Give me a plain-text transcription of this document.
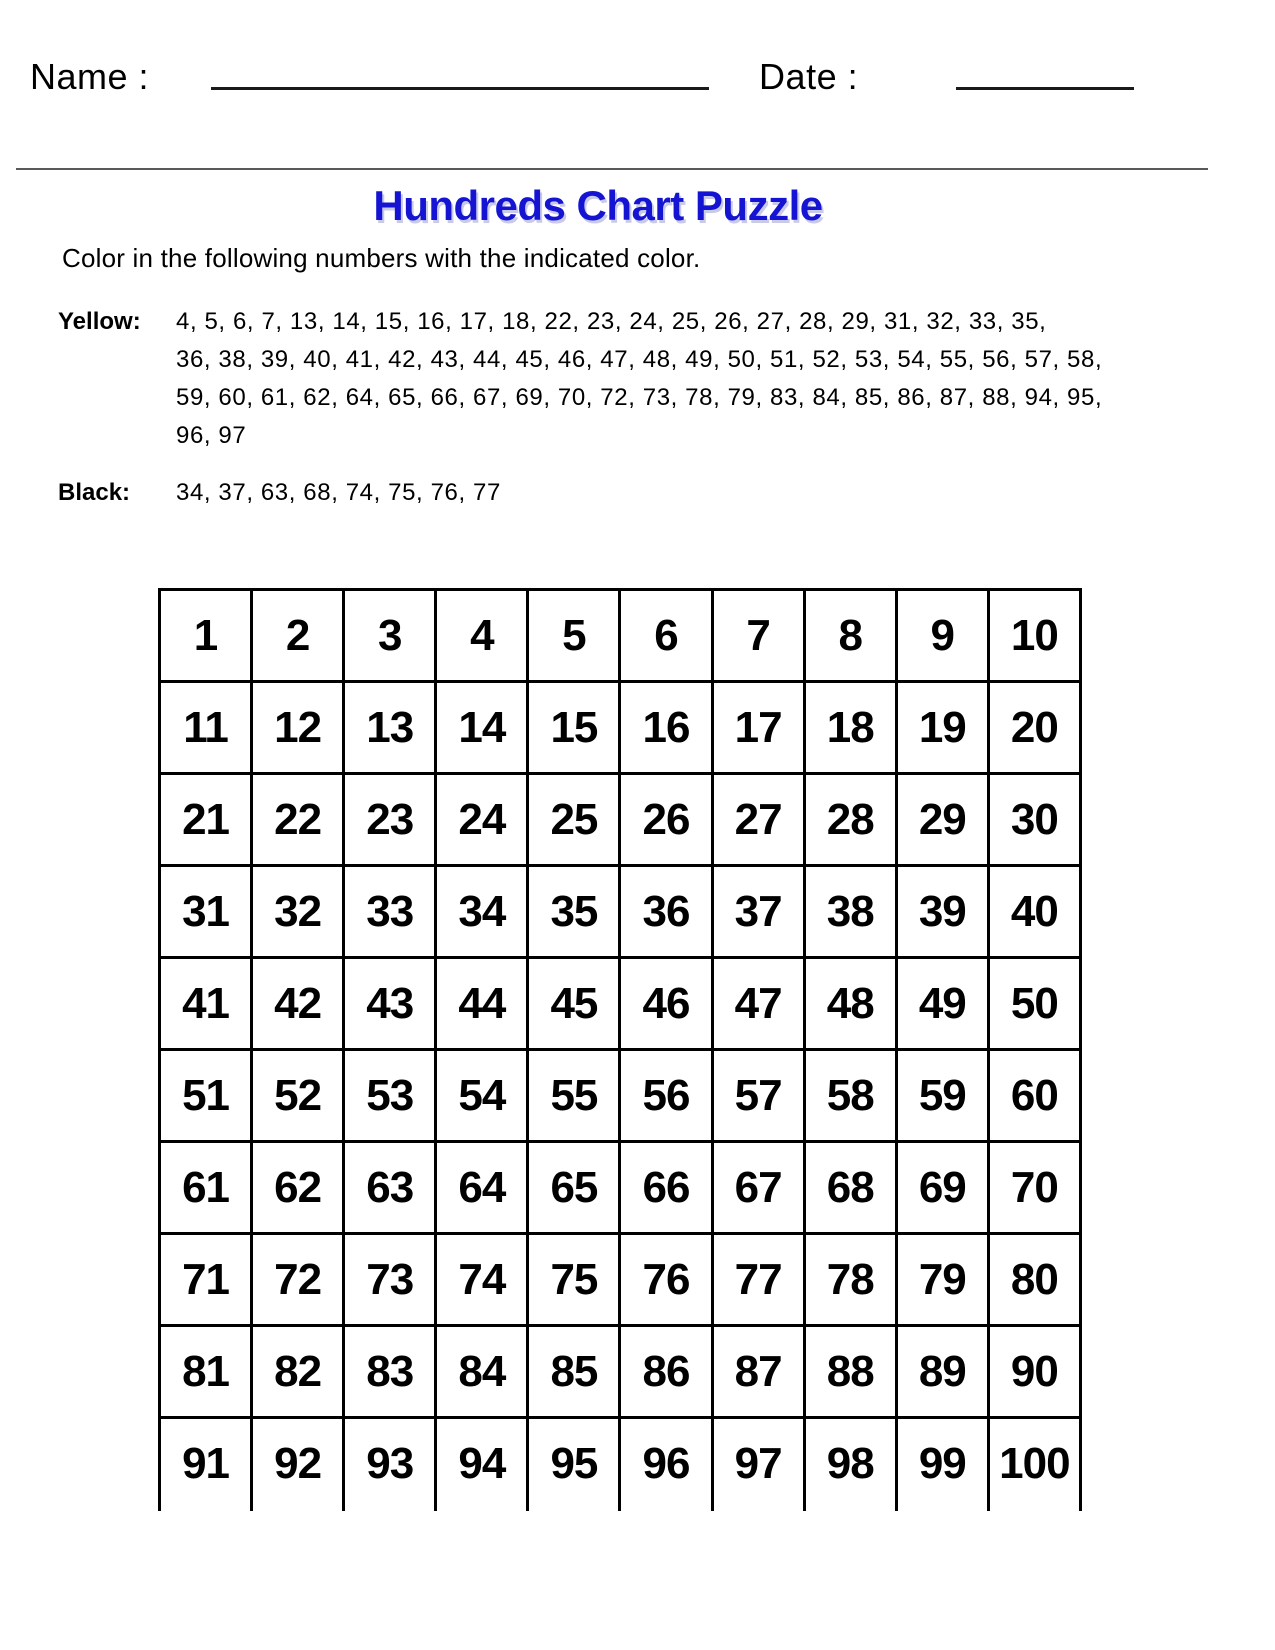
Name :	Date :
Hundreds Chart Puzzle
Color in the following numbers with the indicated color.
Yellow:	4, 5, 6, 7, 13, 14, 15, 16, 17, 18, 22, 23, 24, 25, 26, 27, 28, 29, 31, 32, 33, 35,
36, 38, 39, 40, 41, 42, 43, 44, 45, 46, 47, 48, 49, 50, 51, 52, 53, 54, 55, 56, 57, 58,
59, 60, 61, 62, 64, 65, 66, 67, 69, 70, 72, 73, 78, 79, 83, 84, 85, 86, 87, 88, 94, 95,
96, 97
Black:	34, 37, 63, 68, 74, 75, 76, 77
1	2	3	4	5	6	7	8	9	10
11	12	13	14	15	16	17	18	19	20
21	22	23	24	25	26	27	28	29	30
31	32	33	34	35	36	37	38	39	40
41	42	43	44	45	46	47	48	49	50
51	52	53	54	55	56	57	58	59	60
61	62	63	64	65	66	67	68	69	70
71	72	73	74	75	76	77	78	79	80
81	82	83	84	85	86	87	88	89	90
91	92	93	94	95	96	97	98	99	100
